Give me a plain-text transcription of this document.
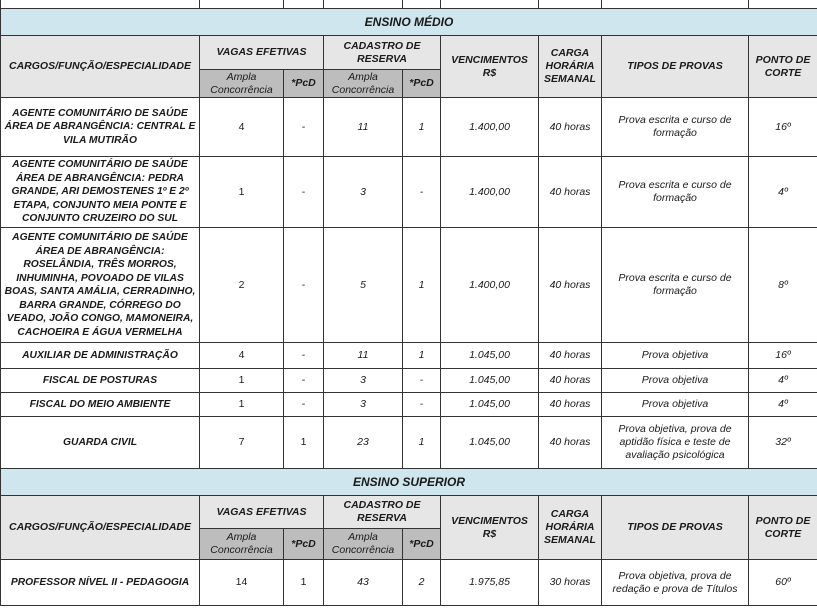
ENSINO MÉDIO								
CARGOS/FUNÇÃO/ESPECIALIDADE	VAGAS EFETIVAS		CADASTRO DE RESERVA		VENCIMENTOS R$	CARGA HORÁRIA SEMANAL	TIPOS DE PROVAS	PONTO DE CORTE
	Ampla Concorrência	*PcD	Ampla Concorrência	*PcD				
AGENTE COMUNITÁRIO DE SAÚDE ÁREA DE ABRANGÊNCIA: CENTRAL E VILA MUTIRÃO	4	-	11	1	1.400,00	40 horas	Prova escrita e curso de formação	16º
AGENTE COMUNITÁRIO DE SAÚDE ÁREA DE ABRANGÊNCIA: PEDRA GRANDE, ARI DEMOSTENES 1º E 2º ETAPA, CONJUNTO MEIA PONTE E CONJUNTO CRUZEIRO DO SUL	1	-	3	-	1.400,00	40 horas	Prova escrita e curso de formação	4º
AGENTE COMUNITÁRIO DE SAÚDE ÁREA DE ABRANGÊNCIA: ROSELÂNDIA, TRÊS MORROS, INHUMINHA, POVOADO DE VILAS BOAS, SANTA AMÁLIA, CERRADINHO, BARRA GRANDE, CÓRREGO DO VEADO, JOÃO CONGO, MAMONEIRA, CACHOEIRA E ÁGUA VERMELHA	2	-	5	1	1.400,00	40 horas	Prova escrita e curso de formação	8º
AUXILIAR DE ADMINISTRAÇÃO	4	-	11	1	1.045,00	40 horas	Prova objetiva	16º
FISCAL DE POSTURAS	1	-	3	-	1.045,00	40 horas	Prova objetiva	4º
FISCAL DO MEIO AMBIENTE	1	-	3	-	1.045,00	40 horas	Prova objetiva	4º
GUARDA CIVIL	7	1	23	1	1.045,00	40 horas	Prova objetiva, prova de aptidão física e teste de avaliação psicológica	32º
ENSINO SUPERIOR								
CARGOS/FUNÇÃO/ESPECIALIDADE	VAGAS EFETIVAS		CADASTRO DE RESERVA		VENCIMENTOS R$	CARGA HORÁRIA SEMANAL	TIPOS DE PROVAS	PONTO DE CORTE
	Ampla Concorrência	*PcD	Ampla Concorrência	*PcD				
PROFESSOR NÍVEL II - PEDAGOGIA	14	1	43	2	1.975,85	30 horas	Prova objetiva, prova de redação e prova de Títulos	60º
